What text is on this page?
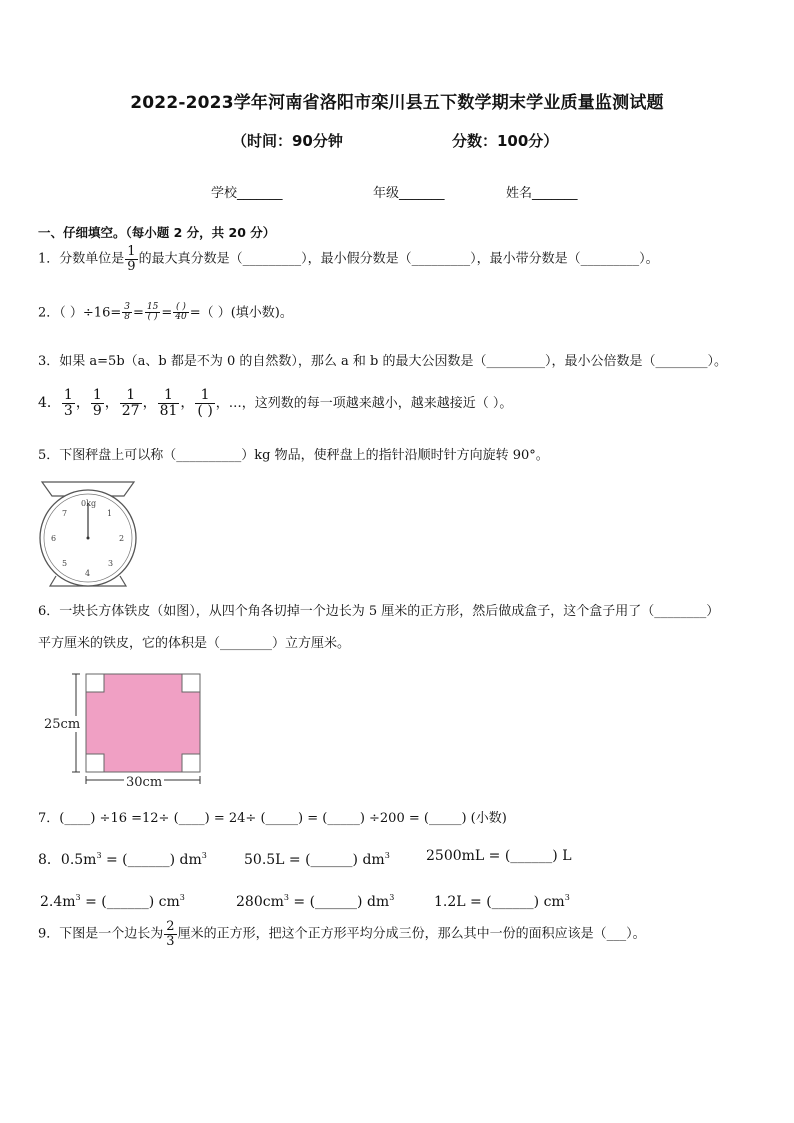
2022-2023学年河南省洛阳市栾川县五下数学期末学业质量监测试题
（时间：90分钟	分数：100分）
学校_______	年级_______	姓名_______
一、仔细填空。（每小题 2 分，共 20 分）
1．分数单位是 $\frac{1}{9}$ 的最大真分数是（_________），最小假分数是（_________），最小带分数是（_________）。
2．（ ）$\div 16= \frac{3}{8} = \frac{15}{( )} = \frac{( )}{40}$ =（ ）(填小数)。
3．如果 a=5b（a、b 都是不为 0 的自然数），那么 a 和 b 的最大公因数是（_________），最小公倍数是（________）。
4． $\frac{1}{3}$ ， $\frac{1}{9}$ ， $\frac{1}{27}$ ， $\frac{1}{81}$ ， $\frac{1}{( )}$ ，…，这列数的每一项越来越小，越来越接近（ ）。
5．下图秤盘上可以称（__________）kg 物品，使秤盘上的指针沿顺时针方向旋转 90°。
0kg
1
2
3
4
5
6
7
6．一块长方体铁皮（如图），从四个角各切掉一个边长为 5 厘米的正方形，然后做成盒子，这个盒子用了（________）
平方厘米的铁皮，它的体积是（________）立方厘米。
25cm
30cm
7．(____) ÷16 =12÷ (____) = 24÷ (_____) = (_____) ÷200 = (_____) (小数)
8．$0.5m^3$ = (______) $dm^3$	50.5L = (______) $dm^3$	2500mL = (______) L
$2.4m^3$ = (______) $cm^3$	$280cm^3$ = (______) $dm^3$	1.2L = (______) $cm^3$
9．下图是一个边长为 $\frac{2}{3}$ 厘米的正方形，把这个正方形平均分成三份，那么其中一份的面积应该是（___）。
